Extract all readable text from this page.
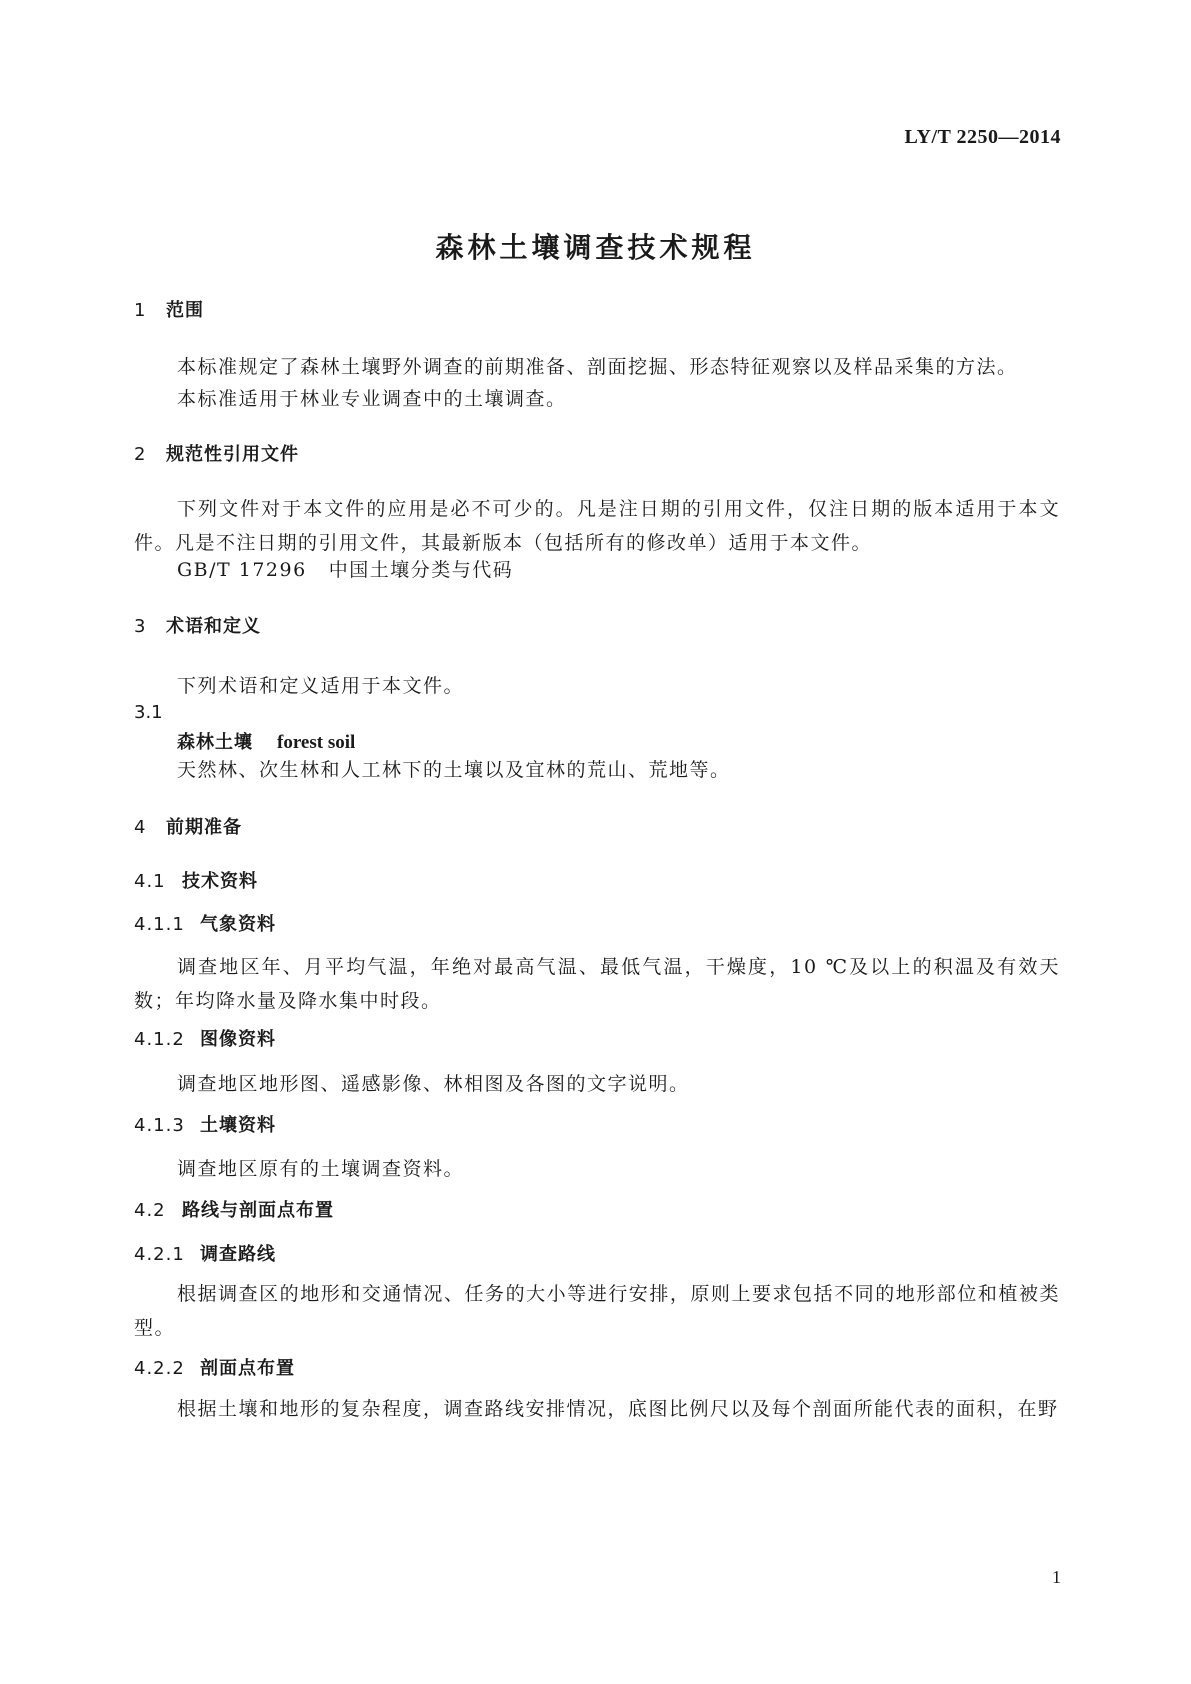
LY/T 2250—2014
森林土壤调查技术规程
1 范围
本标准规定了森林土壤野外调查的前期准备、剖面挖掘、形态特征观察以及样品采集的方法。
本标准适用于林业专业调查中的土壤调查。
2 规范性引用文件

下列文件对于本文件的应用是必不可少的。凡是注日期的引用文件，仅注日期的版本适用于本文件。凡是不注日期的引用文件，其最新版本（包括所有的修改单）适用于本文件。

GB/T 17296 中国土壤分类与代码
3 术语和定义
下列术语和定义适用于本文件。
3.1
森林土壤 forest soil
天然林、次生林和人工林下的土壤以及宜林的荒山、荒地等。
4 前期准备
4.1 技术资料
4.1.1 气象资料

调查地区年、月平均气温，年绝对最高气温、最低气温，干燥度，10 ℃及以上的积温及有效天数；年均降水量及降水集中时段。

4.1.2 图像资料
调查地区地形图、遥感影像、林相图及各图的文字说明。
4.1.3 土壤资料
调查地区原有的土壤调查资料。
4.2 路线与剖面点布置
4.2.1 调查路线

根据调查区的地形和交通情况、任务的大小等进行安排，原则上要求包括不同的地形部位和植被类型。

4.2.2 剖面点布置

根据土壤和地形的复杂程度，调查路线安排情况，底图比例尺以及每个剖面所能代表的面积，在野

1
